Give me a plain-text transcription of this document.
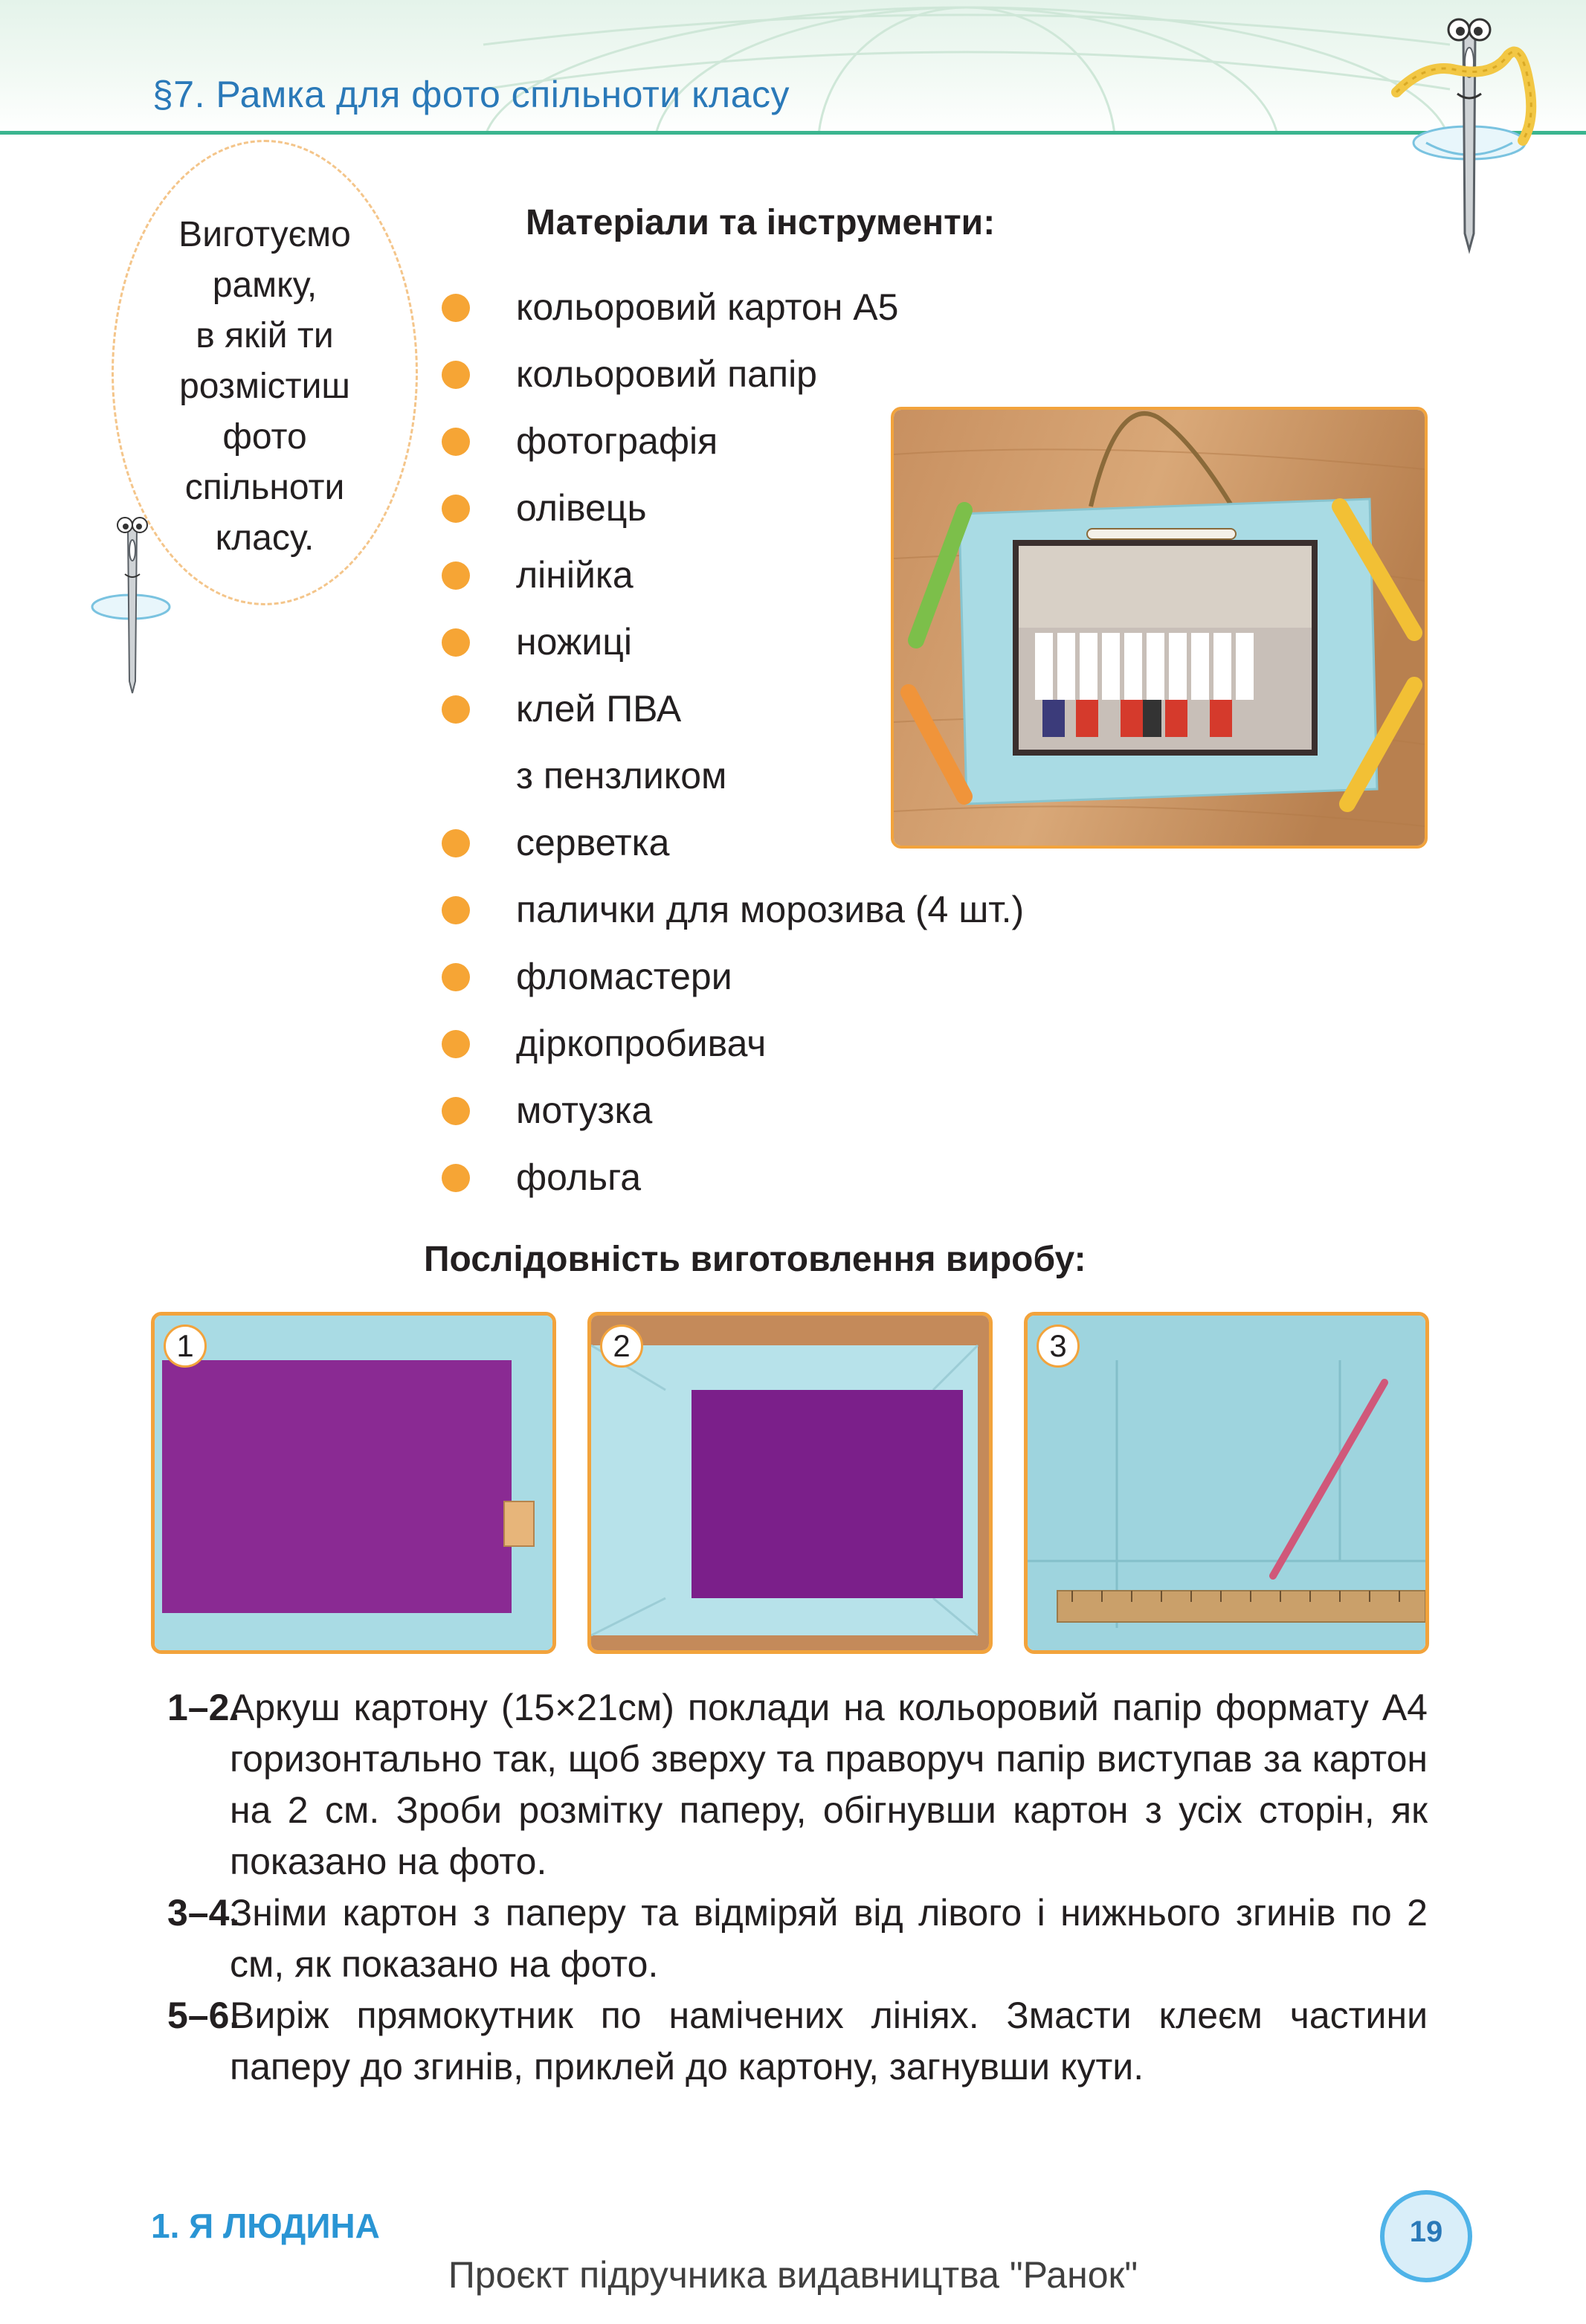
§7. Рамка для фото спільноти класу
Виготуємо
рамку,
в якій ти
розмістиш
фото
спільноти
класу.
Матеріали та інструменти:
кольоровий картон А5
кольоровий папір
фотографія
олівець
лінійка
ножиці
клей ПВА
з пензликом
серветка
палички для морозива (4 шт.)
фломастери
діркопробивач
мотузка
фольга
Послідовність виготовлення виробу:
1	2	3
1–2.
Аркуш картону (15×21см) поклади на кольоровий папір формату А4 горизонтально так, щоб зверху та праворуч папір виступав за картон на 2 см. Зроби розмітку паперу, обігнувши картон з усіх сторін, як показано на фото.
3–4.
Зніми картон з паперу та відміряй від лівого і нижнього згинів по 2 см, як показано на фото.
5–6.
Виріж прямокутник по намічених лініях. Змасти клеєм частини паперу до згинів, приклей до картону, загнувши кути.
1. Я ЛЮДИНА	19
Проєкт підручника видавництва "Ранок"
